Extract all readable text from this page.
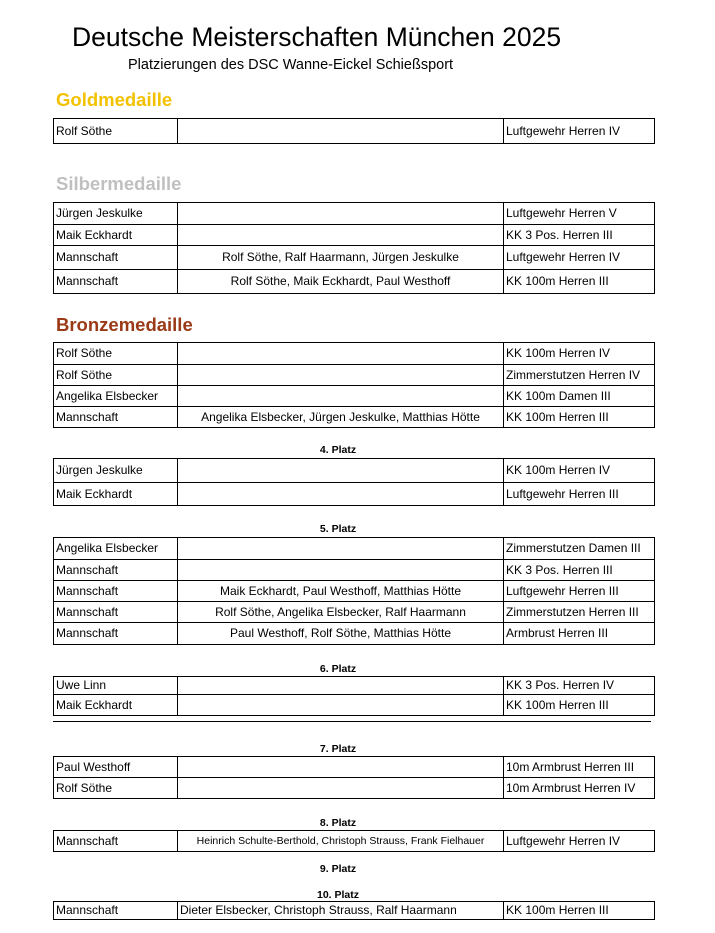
Deutsche Meisterschaften München 2025
Platzierungen des DSC Wanne-Eickel Schießsport
Goldmedaille
Rolf Söthe		Luftgewehr Herren IV
Silbermedaille
Jürgen Jeskulke		Luftgewehr Herren V
Maik Eckhardt		KK 3 Pos. Herren III
Mannschaft	Rolf Söthe, Ralf Haarmann, Jürgen Jeskulke	Luftgewehr Herren IV
Mannschaft	Rolf Söthe, Maik Eckhardt, Paul Westhoff	KK 100m Herren III
Bronzemedaille
Rolf Söthe		KK 100m Herren IV
Rolf Söthe		Zimmerstutzen Herren IV
Angelika Elsbecker		KK 100m Damen III
Mannschaft	Angelika Elsbecker, Jürgen Jeskulke, Matthias Hötte	KK 100m Herren III
4. Platz
Jürgen Jeskulke		KK 100m Herren IV
Maik Eckhardt		Luftgewehr Herren III
5. Platz
Angelika Elsbecker		Zimmerstutzen Damen III
Mannschaft		KK 3 Pos. Herren III
Mannschaft	Maik Eckhardt, Paul Westhoff, Matthias Hötte	Luftgewehr Herren III
Mannschaft	Rolf Söthe, Angelika Elsbecker, Ralf Haarmann	Zimmerstutzen Herren III
Mannschaft	Paul Westhoff, Rolf Söthe, Matthias Hötte	Armbrust Herren III
6. Platz
Uwe Linn		KK 3 Pos. Herren IV
Maik Eckhardt		KK 100m Herren III
7. Platz
Paul Westhoff		10m Armbrust Herren III
Rolf Söthe		10m Armbrust Herren IV
8. Platz
Mannschaft	Heinrich Schulte-Berthold, Christoph Strauss, Frank Fielhauer	Luftgewehr Herren IV
9. Platz
10. Platz
Mannschaft	Dieter Elsbecker, Christoph Strauss, Ralf Haarmann	KK 100m Herren III
